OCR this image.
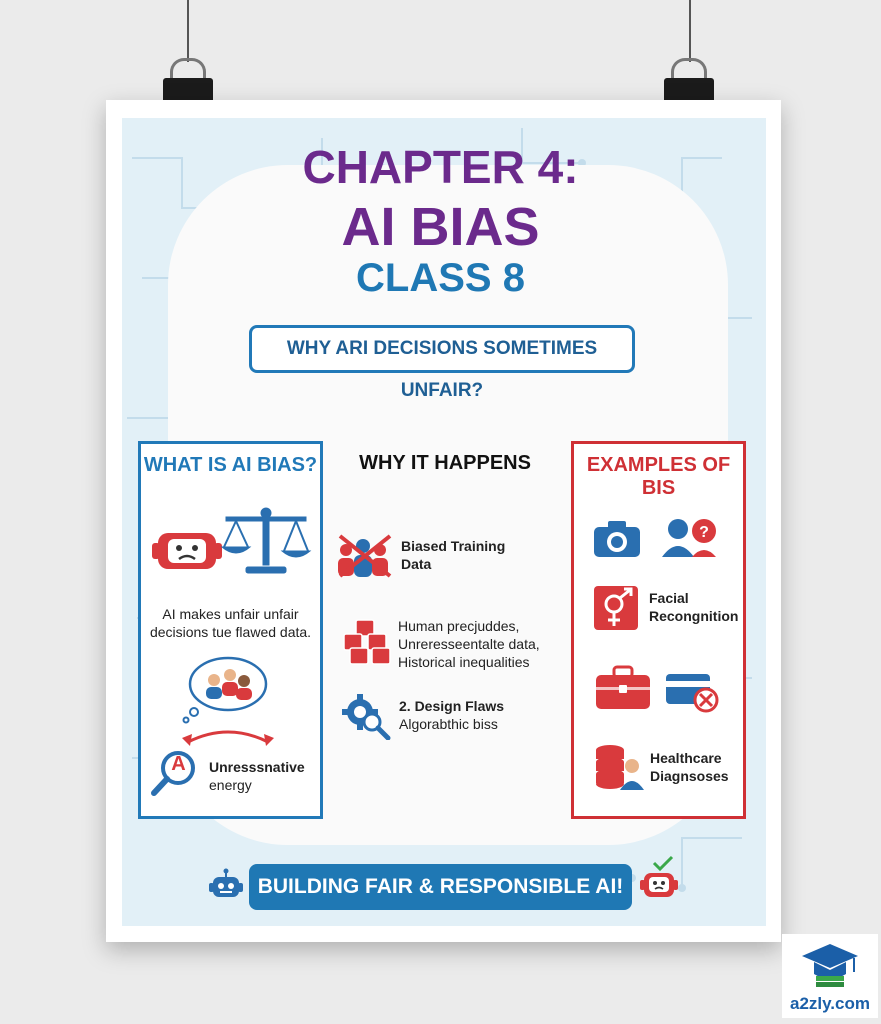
CHAPTER 4:
AI BIAS
CLASS 8
WHY ARI DECISIONS SOMETIMES UNFAIR?
WHAT IS AI BIAS?
AI makes unfair unfair
decisions tue flawed data.
A Unresssnative
energy
WHY IT HAPPENS
Biased Training
Data
Human precjuddes,
Unreresseentalte data,
Historical inequalities
2. Design Flaws
Algorabthic biss
EXAMPLES OF BIS
?
Facial
Recongnition
Healthcare
Diagnsoses
BUILDING FAIR & RESPONSIBLE AI!
a2zly.com
